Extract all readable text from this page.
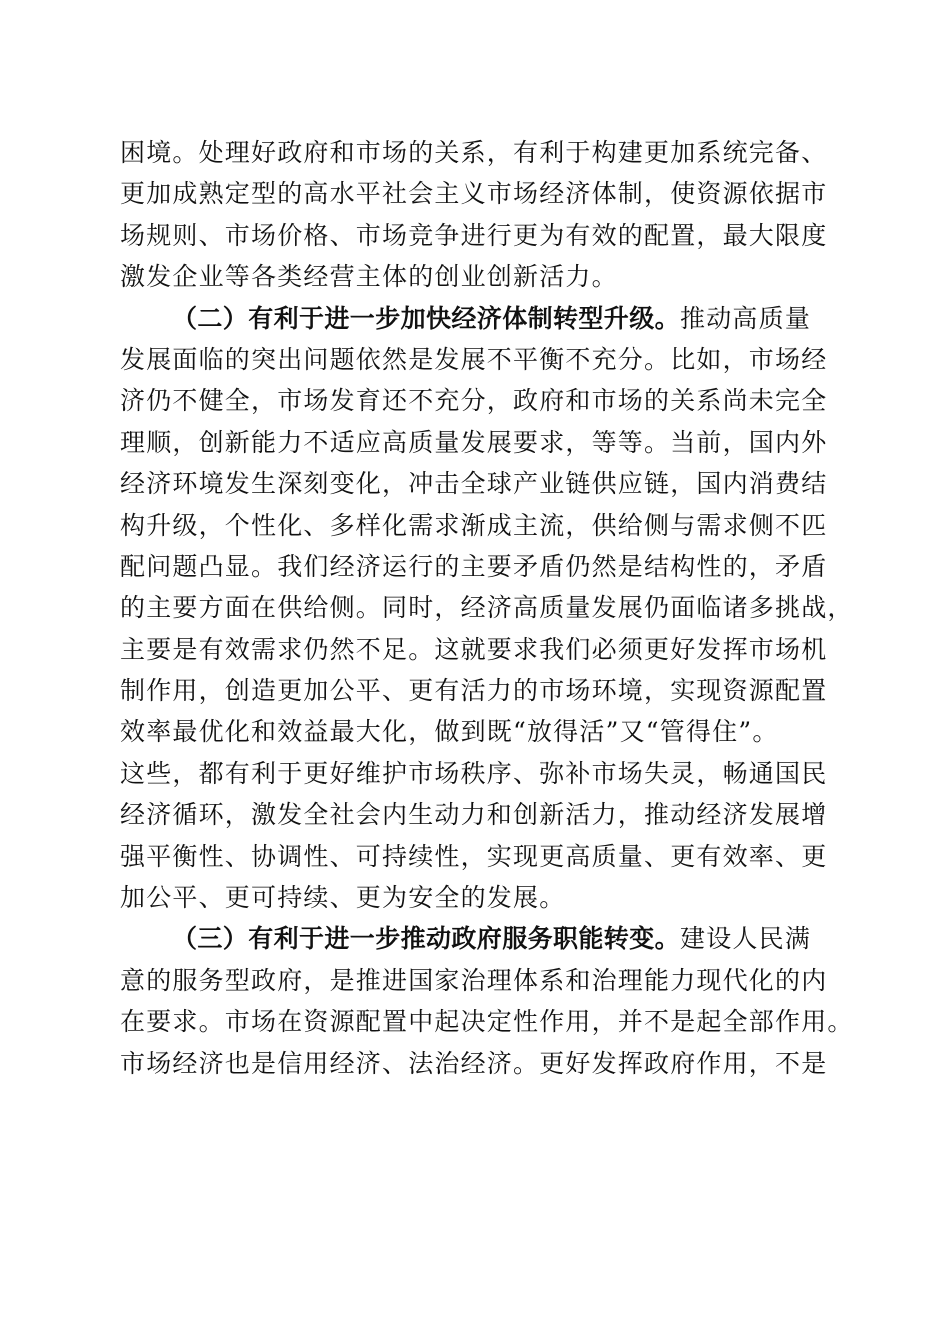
困境。处理好政府和市场的关系，有利于构建更加系统完备、
更加成熟定型的高水平社会主义市场经济体制，使资源依据市
场规则、市场价格、市场竞争进行更为有效的配置，最大限度
激发企业等各类经营主体的创业创新活力。
（二）有利于进一步加快经济体制转型升级。推动高质量
发展面临的突出问题依然是发展不平衡不充分。比如，市场经
济仍不健全，市场发育还不充分，政府和市场的关系尚未完全
理顺，创新能力不适应高质量发展要求，等等。当前，国内外
经济环境发生深刻变化，冲击全球产业链供应链，国内消费结
构升级，个性化、多样化需求渐成主流，供给侧与需求侧不匹
配问题凸显。我们经济运行的主要矛盾仍然是结构性的，矛盾
的主要方面在供给侧。同时，经济高质量发展仍面临诸多挑战，
主要是有效需求仍然不足。这就要求我们必须更好发挥市场机
制作用，创造更加公平、更有活力的市场环境，实现资源配置
效率最优化和效益最大化，做到既“放得活”又“管得住”。
这些，都有利于更好维护市场秩序、弥补市场失灵，畅通国民
经济循环，激发全社会内生动力和创新活力，推动经济发展增
强平衡性、协调性、可持续性，实现更高质量、更有效率、更
加公平、更可持续、更为安全的发展。
（三）有利于进一步推动政府服务职能转变。建设人民满
意的服务型政府，是推进国家治理体系和治理能力现代化的内
在要求。市场在资源配置中起决定性作用，并不是起全部作用。
市场经济也是信用经济、法治经济。更好发挥政府作用，不是
